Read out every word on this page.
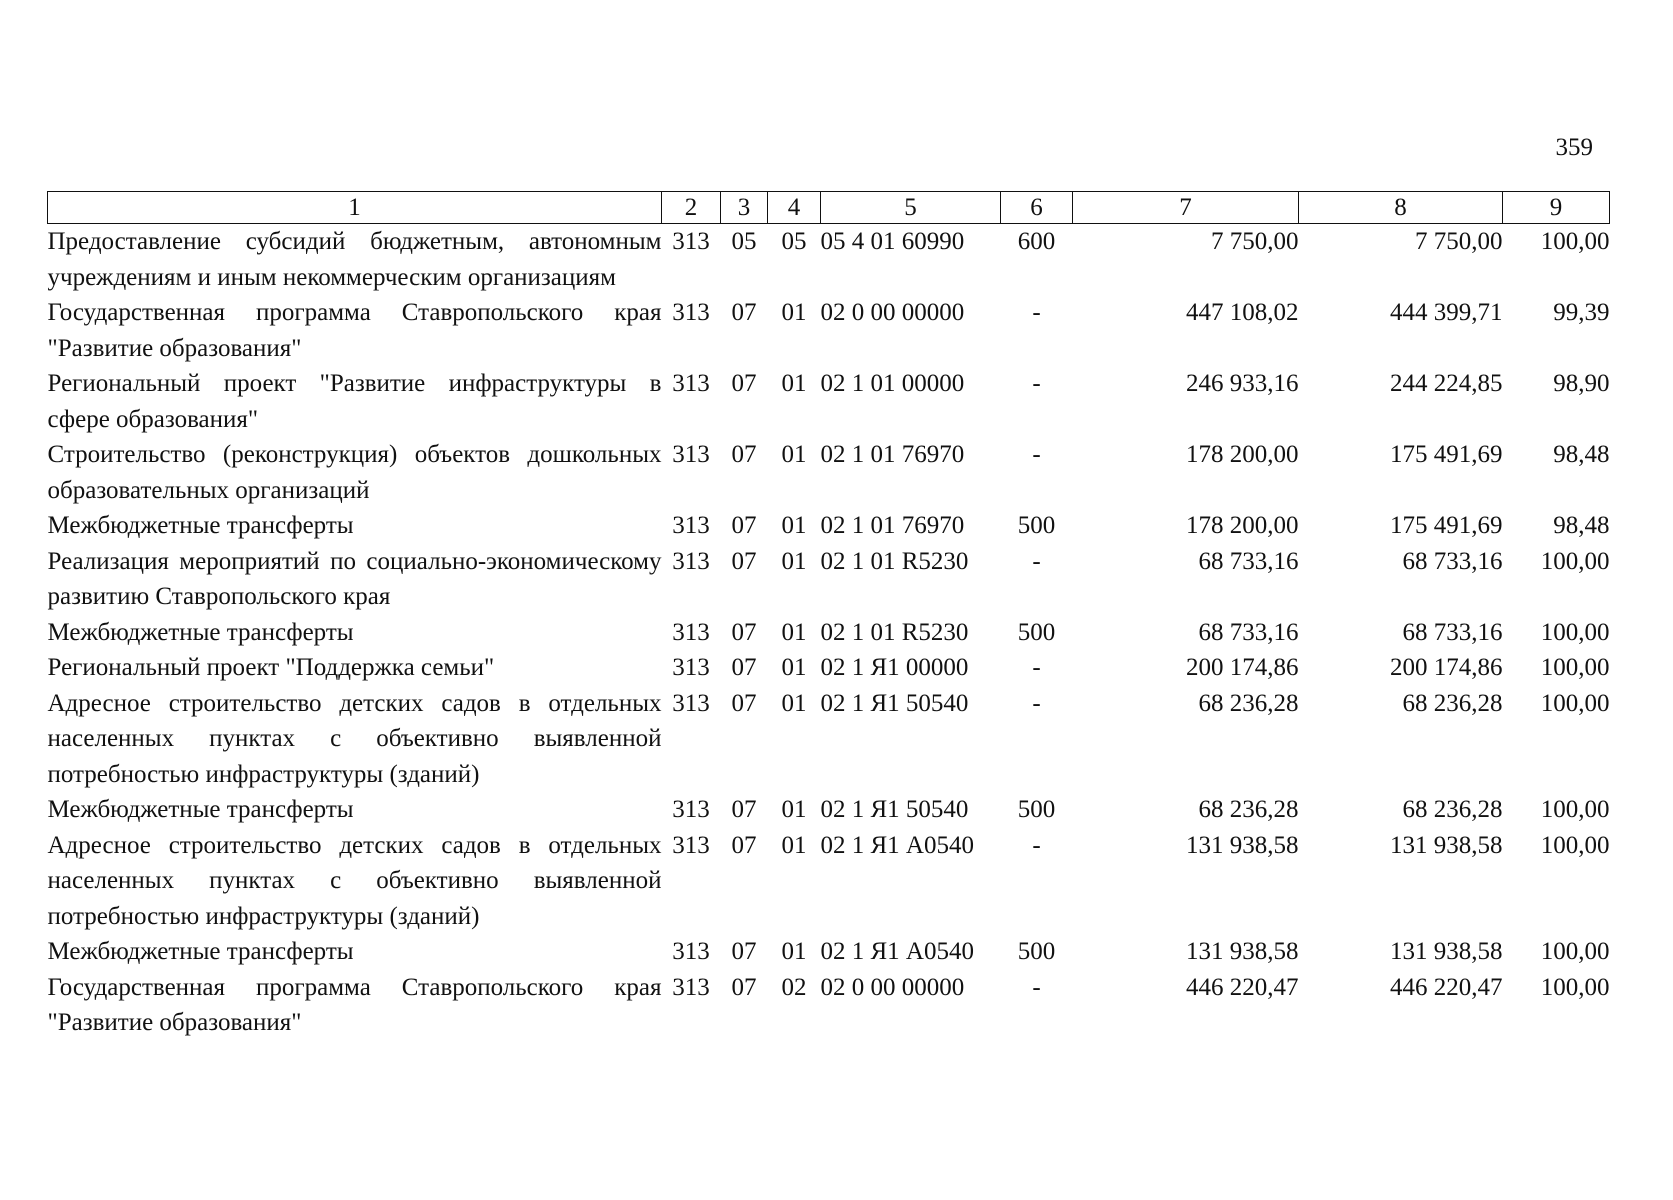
359
1	2	3	4	5	6	7	8	9
Предоставление субсидий бюджетным, автономным учреждениям и иным некоммерческим организациям	313	05	05	05 4 01 60990	600	7 750,00	7 750,00	100,00
Государственная программа Ставропольского края "Развитие образования"	313	07	01	02 0 00 00000	-	447 108,02	444 399,71	99,39
Региональный проект "Развитие инфраструктуры в сфере образования"	313	07	01	02 1 01 00000	-	246 933,16	244 224,85	98,90
Строительство (реконструкция) объектов дошкольных образовательных организаций	313	07	01	02 1 01 76970	-	178 200,00	175 491,69	98,48
Межбюджетные трансферты	313	07	01	02 1 01 76970	500	178 200,00	175 491,69	98,48
Реализация мероприятий по социально-экономическому развитию Ставропольского края	313	07	01	02 1 01 R5230	-	68 733,16	68 733,16	100,00
Межбюджетные трансферты	313	07	01	02 1 01 R5230	500	68 733,16	68 733,16	100,00
Региональный проект "Поддержка семьи"	313	07	01	02 1 Я1 00000	-	200 174,86	200 174,86	100,00
Адресное строительство детских садов в отдельных населенных пунктах с объективно выявленной потребностью инфраструктуры (зданий)	313	07	01	02 1 Я1 50540	-	68 236,28	68 236,28	100,00
Межбюджетные трансферты	313	07	01	02 1 Я1 50540	500	68 236,28	68 236,28	100,00
Адресное строительство детских садов в отдельных населенных пунктах с объективно выявленной потребностью инфраструктуры (зданий)	313	07	01	02 1 Я1 А0540	-	131 938,58	131 938,58	100,00
Межбюджетные трансферты	313	07	01	02 1 Я1 А0540	500	131 938,58	131 938,58	100,00
Государственная программа Ставропольского края "Развитие образования"	313	07	02	02 0 00 00000	-	446 220,47	446 220,47	100,00
